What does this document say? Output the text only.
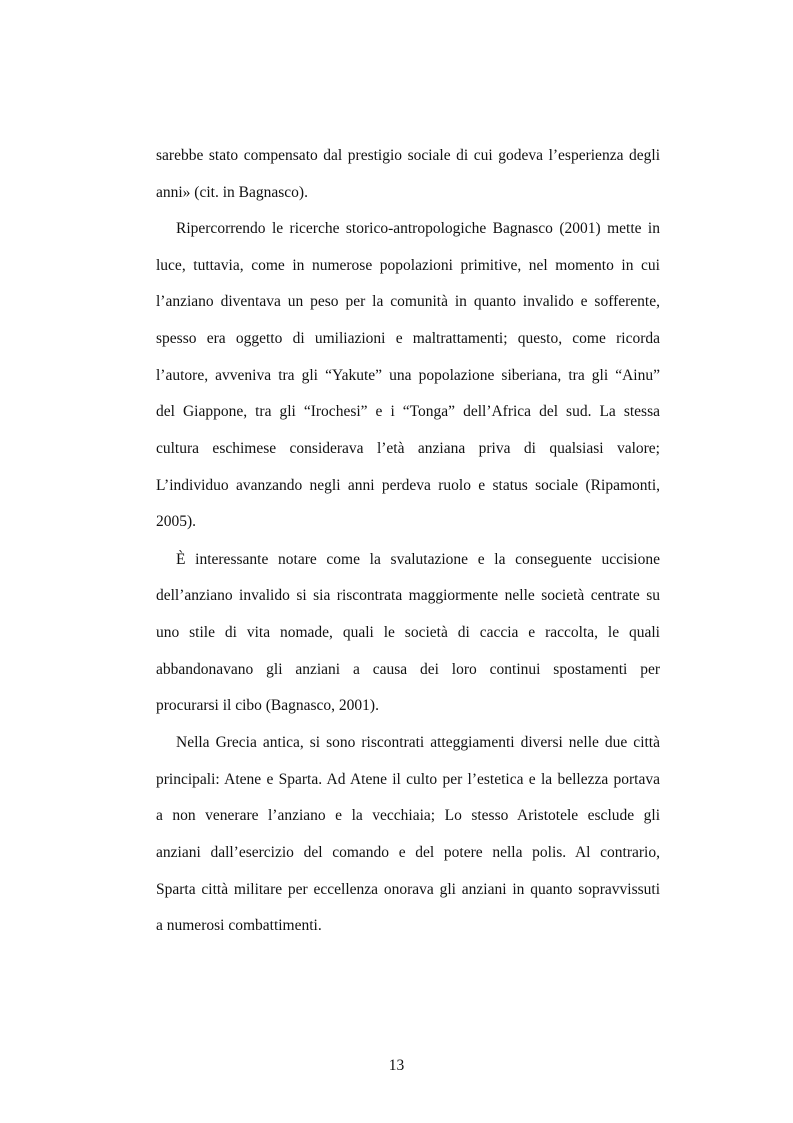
sarebbe stato compensato dal prestigio sociale di cui godeva l’esperienza degli
anni» (cit. in Bagnasco).
Ripercorrendo le ricerche storico-antropologiche Bagnasco (2001) mette in
luce, tuttavia, come in numerose popolazioni primitive, nel momento in cui
l’anziano diventava un peso per la comunità in quanto invalido e sofferente,
spesso era oggetto di umiliazioni e maltrattamenti; questo, come ricorda
l’autore, avveniva tra gli “Yakute” una popolazione siberiana, tra gli “Ainu”
del Giappone, tra gli “Irochesi” e i “Tonga” dell’Africa del sud. La stessa
cultura eschimese considerava l’età anziana priva di qualsiasi valore;
L’individuo avanzando negli anni perdeva ruolo e status sociale (Ripamonti,
2005).
È interessante notare come la svalutazione e la conseguente uccisione
dell’anziano invalido si sia riscontrata maggiormente nelle società centrate su
uno stile di vita nomade, quali le società di caccia e raccolta, le quali
abbandonavano gli anziani a causa dei loro continui spostamenti per
procurarsi il cibo (Bagnasco, 2001).
Nella Grecia antica, si sono riscontrati atteggiamenti diversi nelle due città
principali: Atene e Sparta. Ad Atene il culto per l’estetica e la bellezza portava
a non venerare l’anziano e la vecchiaia; Lo stesso Aristotele esclude gli
anziani dall’esercizio del comando e del potere nella polis. Al contrario,
Sparta città militare per eccellenza onorava gli anziani in quanto sopravvissuti
a numerosi combattimenti.
13
